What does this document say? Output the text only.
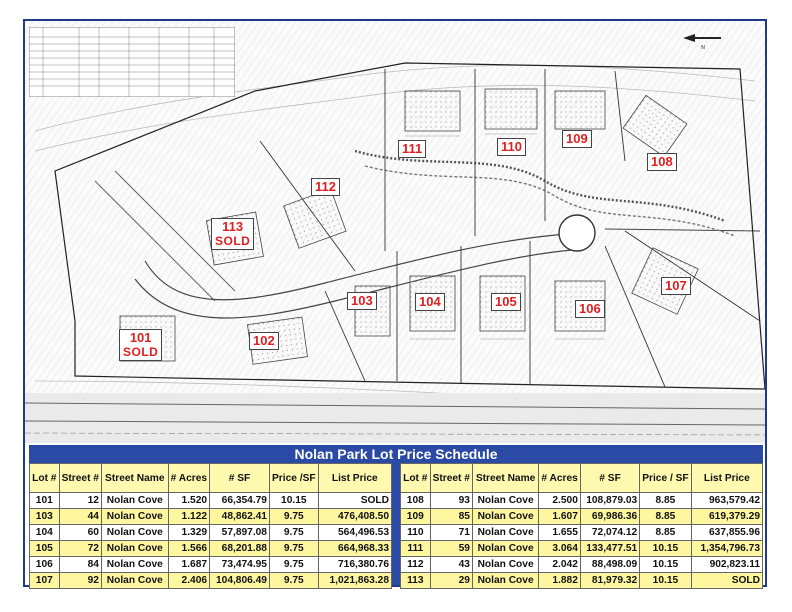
N
101
SOLD
102
103	104	105	106
107
108
109
110
111
112
113
SOLD
Nolan Park Lot Price Schedule
Lot #	Street #	Street Name	# Acres	# SF	Price /SF	List Price
101	12	Nolan Cove	1.520	66,354.79	10.15	SOLD
103	44	Nolan Cove	1.122	48,862.41	9.75	476,408.50
104	60	Nolan Cove	1.329	57,897.08	9.75	564,496.53
105	72	Nolan Cove	1.566	68,201.88	9.75	664,968.33
106	84	Nolan Cove	1.687	73,474.95	9.75	716,380.76
107	92	Nolan Cove	2.406	104,806.49	9.75	1,021,863.28
Lot #	Street #	Street Name	# Acres	# SF	Price / SF	List Price
108	93	Nolan Cove	2.500	108,879.03	8.85	963,579.42
109	85	Nolan Cove	1.607	69,986.36	8.85	619,379.29
110	71	Nolan Cove	1.655	72,074.12	8.85	637,855.96
111	59	Nolan Cove	3.064	133,477.51	10.15	1,354,796.73
112	43	Nolan Cove	2.042	88,498.09	10.15	902,823.11
113	29	Nolan Cove	1.882	81,979.32	10.15	SOLD
